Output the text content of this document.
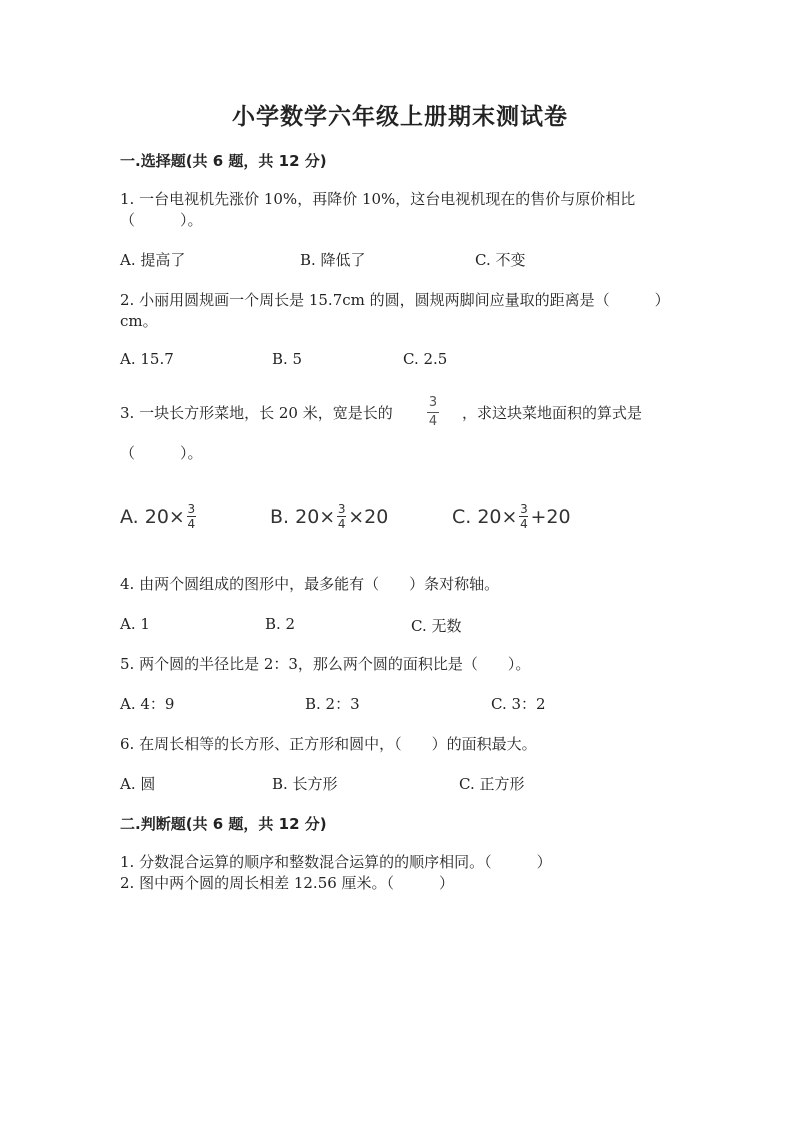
小学数学六年级上册期末测试卷
一.选择题(共 6 题，共 12 分)
1. 一台电视机先涨价 10%，再降价 10%，这台电视机现在的售价与原价相比
（　　　）。
A. 提高了	B. 降低了	C. 不变
2. 小丽用圆规画一个周长是 15.7cm 的圆，圆规两脚间应量取的距离是（　　　）
cm。
A. 15.7	B. 5	C. 2.5
3. 一块长方形菜地，长 20 米，宽是长的
3
4 ，求这块菜地面积的算式是
（　　　）。
A. 20× 3
4	B. 20× 3
4 ×20	C. 20× 3
4 +20
4. 由两个圆组成的图形中，最多能有（　　）条对称轴。
A. 1	B. 2	C. 无数
5. 两个圆的半径比是 2：3，那么两个圆的面积比是（　　）。
A. 4：9	B. 2：3	C. 3：2
6. 在周长相等的长方形、正方形和圆中，（　　）的面积最大。
A. 圆	B. 长方形	C. 正方形
二.判断题(共 6 题，共 12 分)
1. 分数混合运算的顺序和整数混合运算的的顺序相同。（　　　）
2. 图中两个圆的周长相差 12.56 厘米。（　　　）
